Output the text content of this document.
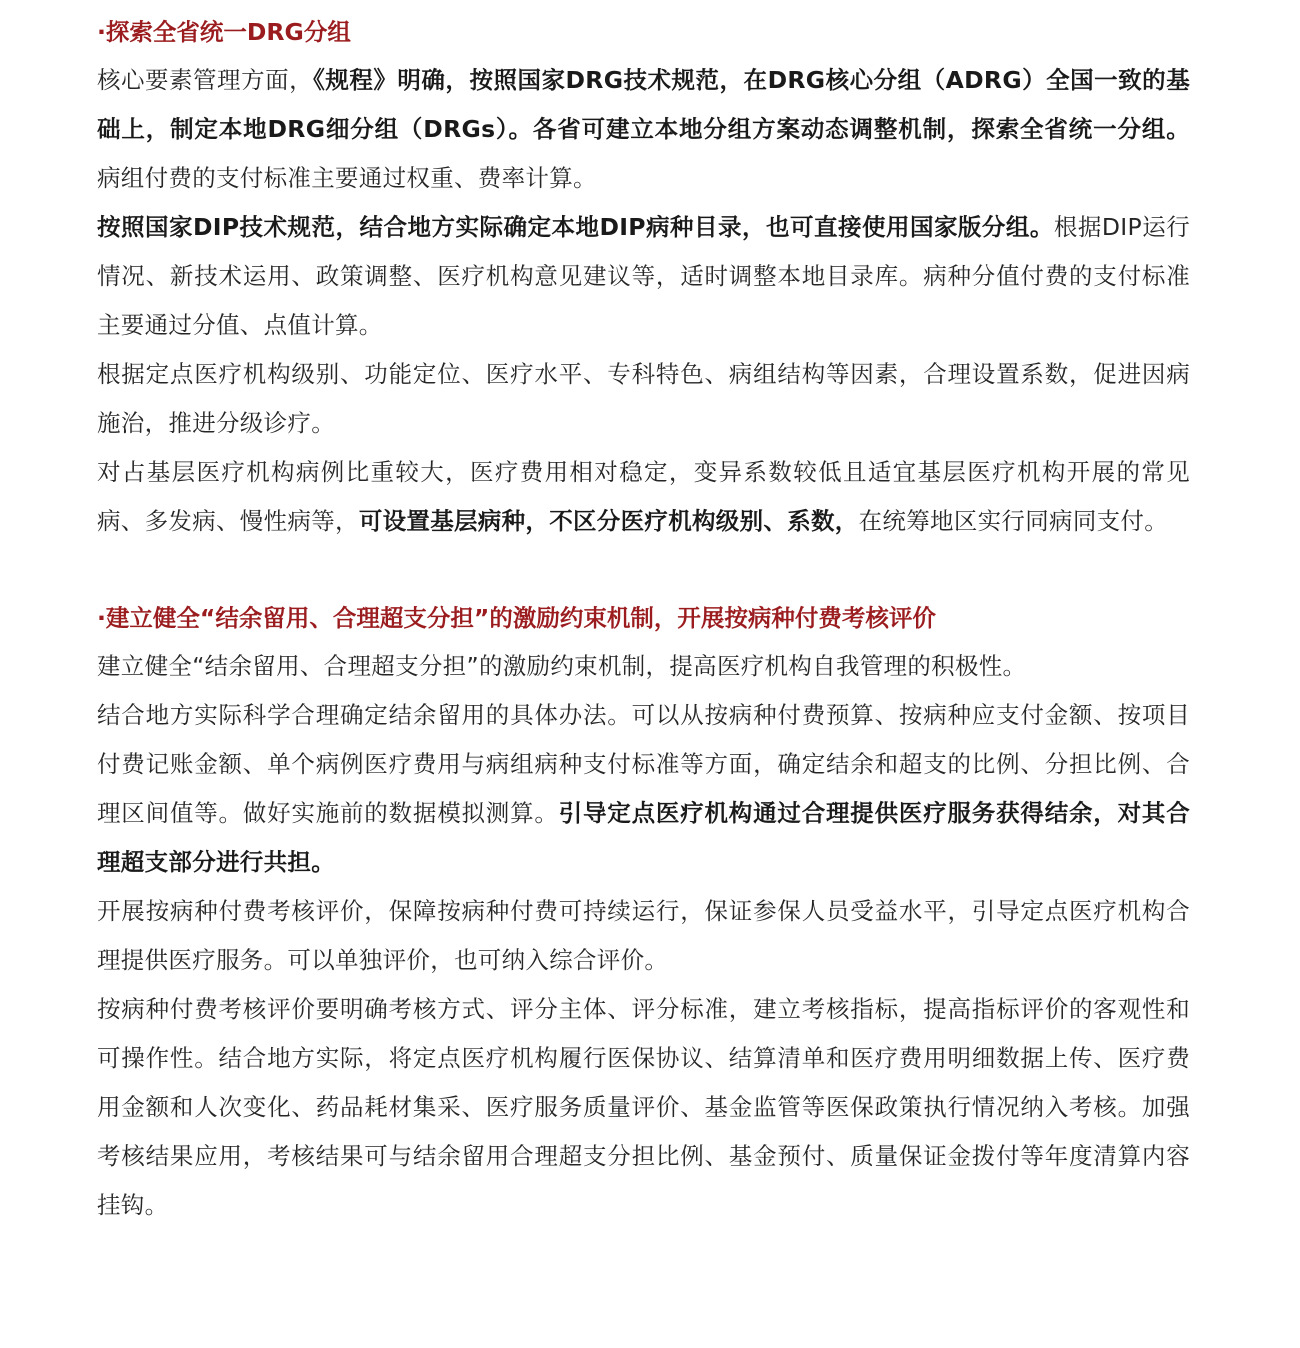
·探索全省统一DRG分组

核心要素管理方面，《规程》明确，按照国家DRG技术规范，在DRG核心分组（ADRG）全国一致的基础上，制定本地DRG细分组（DRGs）。各省可建立本地分组方案动态调整机制，探索全省统一分组。病组付费的支付标准主要通过权重、费率计算。

按照国家DIP技术规范，结合地方实际确定本地DIP病种目录，也可直接使用国家版分组。根据DIP运行情况、新技术运用、政策调整、医疗机构意见建议等，适时调整本地目录库。病种分值付费的支付标准主要通过分值、点值计算。

根据定点医疗机构级别、功能定位、医疗水平、专科特色、病组结构等因素，合理设置系数，促进因病施治，推进分级诊疗。

对占基层医疗机构病例比重较大，医疗费用相对稳定，变异系数较低且适宜基层医疗机构开展的常见病、多发病、慢性病等，可设置基层病种，不区分医疗机构级别、系数，在统筹地区实行同病同支付。

·建立健全“结余留用、合理超支分担”的激励约束机制，开展按病种付费考核评价

建立健全“结余留用、合理超支分担”的激励约束机制，提高医疗机构自我管理的积极性。

结合地方实际科学合理确定结余留用的具体办法。可以从按病种付费预算、按病种应支付金额、按项目付费记账金额、单个病例医疗费用与病组病种支付标准等方面，确定结余和超支的比例、分担比例、合理区间值等。做好实施前的数据模拟测算。引导定点医疗机构通过合理提供医疗服务获得结余，对其合理超支部分进行共担。

开展按病种付费考核评价，保障按病种付费可持续运行，保证参保人员受益水平，引导定点医疗机构合理提供医疗服务。可以单独评价，也可纳入综合评价。

按病种付费考核评价要明确考核方式、评分主体、评分标准，建立考核指标，提高指标评价的客观性和可操作性。结合地方实际，将定点医疗机构履行医保协议、结算清单和医疗费用明细数据上传、医疗费用金额和人次变化、药品耗材集采、医疗服务质量评价、基金监管等医保政策执行情况纳入考核。加强考核结果应用，考核结果可与结余留用合理超支分担比例、基金预付、质量保证金拨付等年度清算内容挂钩。
